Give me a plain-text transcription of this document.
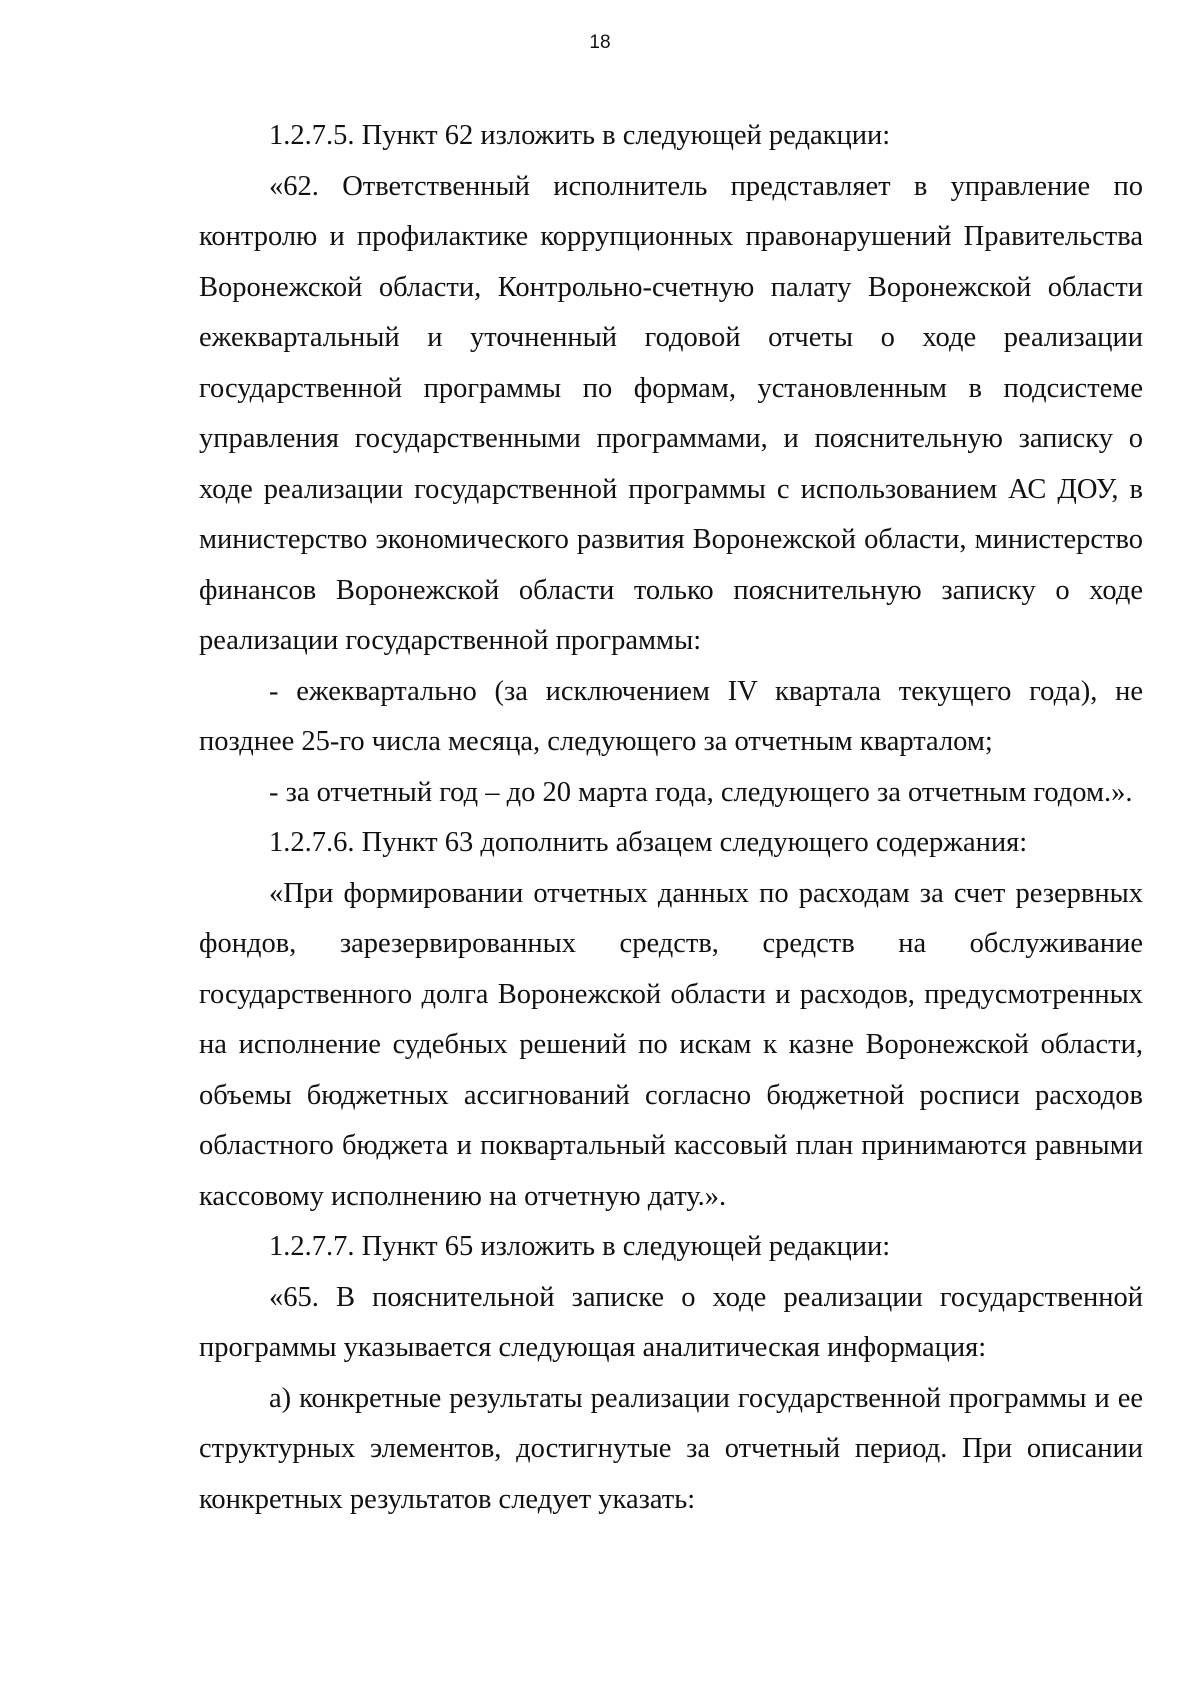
18

1.2.7.5. Пункт 62 изложить в следующей редакции:

«62. Ответственный исполнитель представляет в управление по контролю и профилактике коррупционных правонарушений Правительства Воронежской области, Контрольно-счетную палату Воронежской области ежеквартальный и уточненный годовой отчеты о ходе реализации государственной программы по формам, установленным в подсистеме управления государственными программами, и пояснительную записку о ходе реализации государственной программы с использованием АС ДОУ, в министерство экономического развития Воронежской области, министерство финансов Воронежской области только пояснительную записку о ходе реализации государственной программы:

- ежеквартально (за исключением IV квартала текущего года), не позднее 25-го числа месяца, следующего за отчетным кварталом;

- за отчетный год – до 20 марта года, следующего за отчетным годом.».

1.2.7.6. Пункт 63 дополнить абзацем следующего содержания:

«При формировании отчетных данных по расходам за счет резервных фондов, зарезервированных средств, средств на обслуживание государственного долга Воронежской области и расходов, предусмотренных на исполнение судебных решений по искам к казне Воронежской области, объемы бюджетных ассигнований согласно бюджетной росписи расходов областного бюджета и поквартальный кассовый план принимаются равными кассовому исполнению на отчетную дату.».

1.2.7.7. Пункт 65 изложить в следующей редакции:

«65. В пояснительной записке о ходе реализации государственной программы указывается следующая аналитическая информация:

а) конкретные результаты реализации государственной программы и ее структурных элементов, достигнутые за отчетный период. При описании конкретных результатов следует указать:
